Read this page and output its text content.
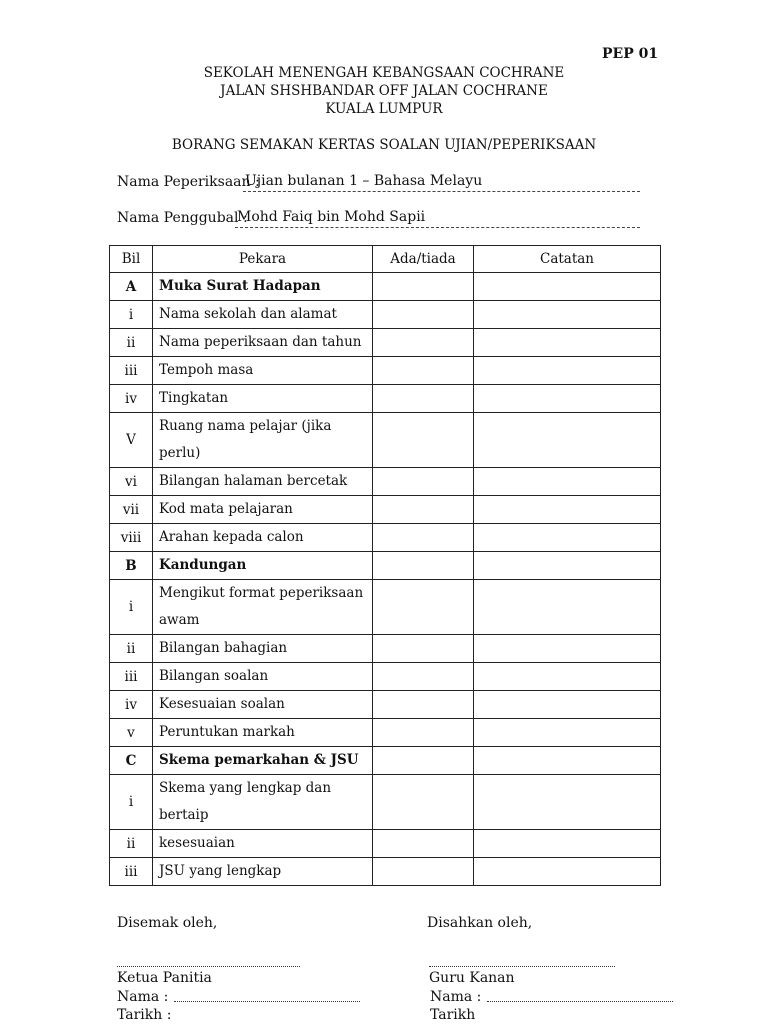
PEP 01
SEKOLAH MENENGAH KEBANGSAAN COCHRANE
JALAN SHSHBANDAR OFF JALAN COCHRANE
KUALA LUMPUR
BORANG SEMAKAN KERTAS SOALAN UJIAN/PEPERIKSAAN
Nama Peperiksaan :
Ujian bulanan 1 – Bahasa Melayu
Nama Penggubal :
Mohd Faiq bin Mohd Sapii
Bil	Pekara	Ada/tiada	Catatan
A	Muka Surat Hadapan		
i	Nama sekolah dan alamat		
ii	Nama peperiksaan dan tahun		
iii	Tempoh masa		
iv	Tingkatan		
V	Ruang nama pelajar (jika perlu)		
vi	Bilangan halaman bercetak		
vii	Kod mata pelajaran		
viii	Arahan kepada calon		
B	Kandungan		
i	Mengikut format peperiksaan awam		
ii	Bilangan bahagian		
iii	Bilangan soalan		
iv	Kesesuaian soalan		
v	Peruntukan markah		
C	Skema pemarkahan & JSU		
i	Skema yang lengkap dan bertaip		
ii	kesesuaian		
iii	JSU yang lengkap		
Disemak oleh,	Disahkan oleh,
Ketua Panitia	Guru Kanan
Nama :	Nama :
Tarikh :	Tarikh
